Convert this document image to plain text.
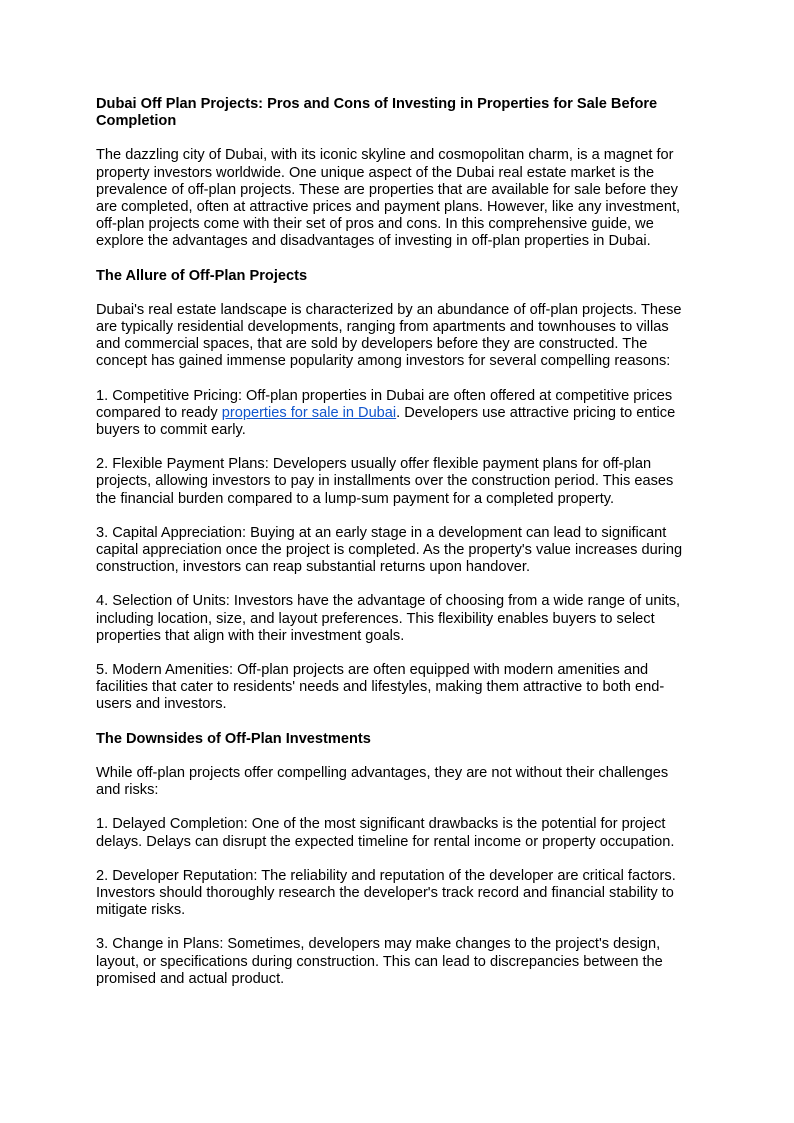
Dubai Off Plan Projects: Pros and Cons of Investing in Properties for Sale Before Completion

The dazzling city of Dubai, with its iconic skyline and cosmopolitan charm, is a magnet for property investors worldwide. One unique aspect of the Dubai real estate market is the prevalence of off-plan projects. These are properties that are available for sale before they are completed, often at attractive prices and payment plans. However, like any investment, off-plan projects come with their set of pros and cons. In this comprehensive guide, we explore the advantages and disadvantages of investing in off-plan properties in Dubai.

The Allure of Off-Plan Projects

Dubai's real estate landscape is characterized by an abundance of off-plan projects. These are typically residential developments, ranging from apartments and townhouses to villas and commercial spaces, that are sold by developers before they are constructed. The concept has gained immense popularity among investors for several compelling reasons:

1. Competitive Pricing: Off-plan properties in Dubai are often offered at competitive prices compared to ready properties for sale in Dubai. Developers use attractive pricing to entice buyers to commit early.

2. Flexible Payment Plans: Developers usually offer flexible payment plans for off-plan projects, allowing investors to pay in installments over the construction period. This eases the financial burden compared to a lump-sum payment for a completed property.

3. Capital Appreciation: Buying at an early stage in a development can lead to significant capital appreciation once the project is completed. As the property's value increases during construction, investors can reap substantial returns upon handover.

4. Selection of Units: Investors have the advantage of choosing from a wide range of units, including location, size, and layout preferences. This flexibility enables buyers to select properties that align with their investment goals.

5. Modern Amenities: Off-plan projects are often equipped with modern amenities and facilities that cater to residents' needs and lifestyles, making them attractive to both end-users and investors.

The Downsides of Off-Plan Investments

While off-plan projects offer compelling advantages, they are not without their challenges and risks:

1. Delayed Completion: One of the most significant drawbacks is the potential for project delays. Delays can disrupt the expected timeline for rental income or property occupation.

2. Developer Reputation: The reliability and reputation of the developer are critical factors. Investors should thoroughly research the developer's track record and financial stability to mitigate risks.

3. Change in Plans: Sometimes, developers may make changes to the project's design, layout, or specifications during construction. This can lead to discrepancies between the promised and actual product.
